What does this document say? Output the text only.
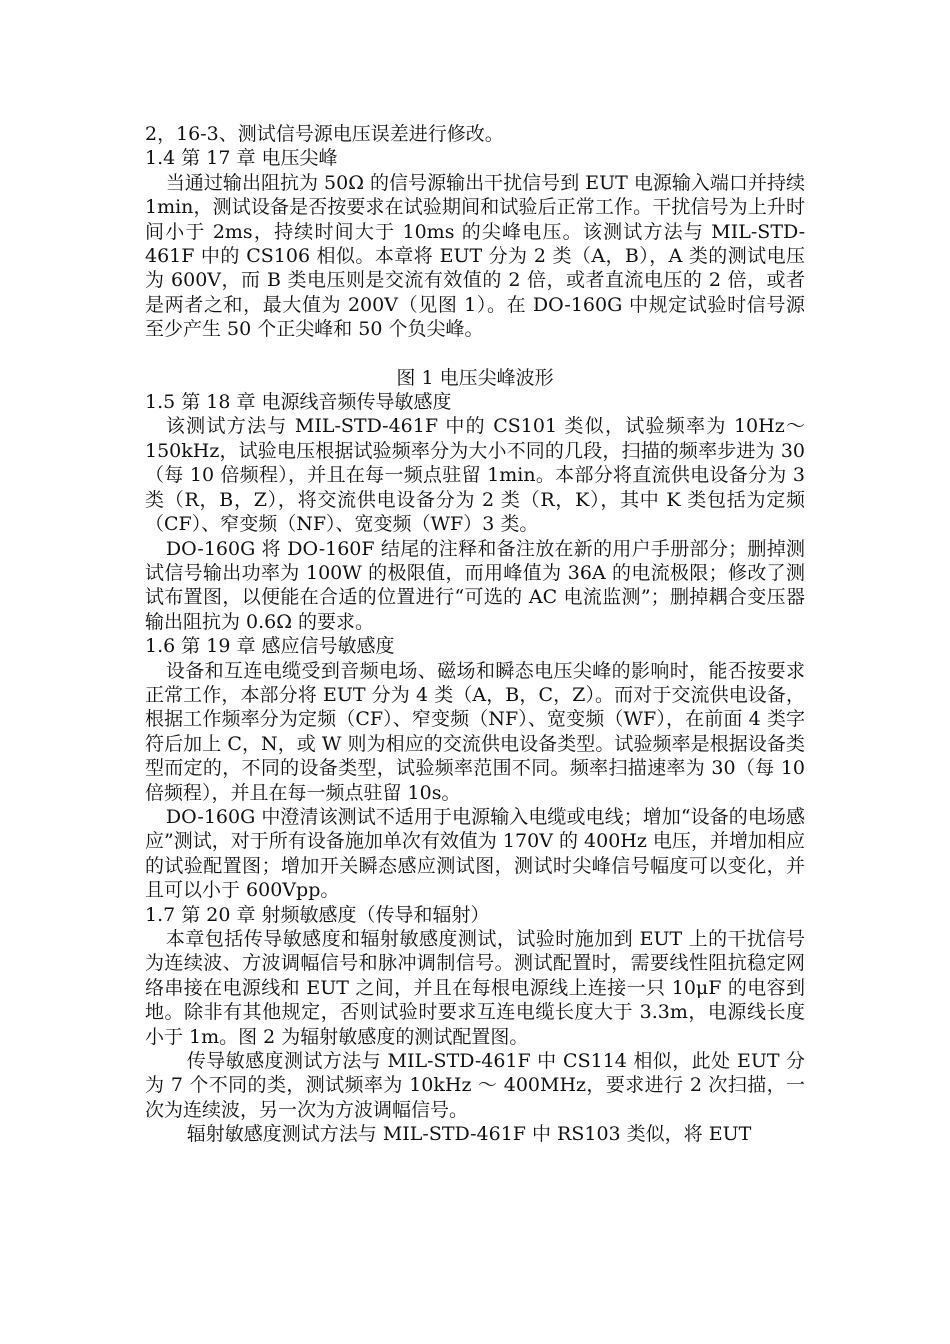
2，16-3、测试信号源电压误差进行修改。

1.4 第 17 章 电压尖峰

当通过输出阻抗为 50Ω 的信号源输出干扰信号到 EUT 电源输入端口并持续 1min，测试设备是否按要求在试验期间和试验后正常工作。干扰信号为上升时间小于 2ms，持续时间大于 10ms 的尖峰电压。该测试方法与 MIL-STD-461F 中的 CS106 相似。本章将 EUT 分为 2 类（A，B），A 类的测试电压为 600V，而 B 类电压则是交流有效值的 2 倍，或者直流电压的 2 倍，或者是两者之和，最大值为 200V（见图 1）。在 DO-160G 中规定试验时信号源至少产生 50 个正尖峰和 50 个负尖峰。

图 1 电压尖峰波形

1.5 第 18 章 电源线音频传导敏感度

该测试方法与 MIL-STD-461F 中的 CS101 类似，试验频率为 10Hz～150kHz，试验电压根据试验频率分为大小不同的几段，扫描的频率步进为 30（每 10 倍频程），并且在每一频点驻留 1min。本部分将直流供电设备分为 3 类（R，B，Z），将交流供电设备分为 2 类（R，K），其中 K 类包括为定频（CF）、窄变频（NF）、宽变频（WF）3 类。

DO-160G 将 DO-160F 结尾的注释和备注放在新的用户手册部分；删掉测试信号输出功率为 100W 的极限值，而用峰值为 36A 的电流极限；修改了测试布置图，以便能在合适的位置进行“可选的 AC 电流监测”；删掉耦合变压器输出阻抗为 0.6Ω 的要求。

1.6 第 19 章 感应信号敏感度

设备和互连电缆受到音频电场、磁场和瞬态电压尖峰的影响时，能否按要求正常工作，本部分将 EUT 分为 4 类（A，B，C，Z）。而对于交流供电设备，根据工作频率分为定频（CF）、窄变频（NF）、宽变频（WF），在前面 4 类字符后加上 C，N，或 W 则为相应的交流供电设备类型。试验频率是根据设备类型而定的，不同的设备类型，试验频率范围不同。频率扫描速率为 30（每 10 倍频程），并且在每一频点驻留 10s。

DO-160G 中澄清该测试不适用于电源输入电缆或电线；增加“设备的电场感应”测试，对于所有设备施加单次有效值为 170V 的 400Hz 电压，并增加相应的试验配置图；增加开关瞬态感应测试图，测试时尖峰信号幅度可以变化，并且可以小于 600Vpp。

1.7 第 20 章 射频敏感度（传导和辐射）

本章包括传导敏感度和辐射敏感度测试，试验时施加到 EUT 上的干扰信号为连续波、方波调幅信号和脉冲调制信号。测试配置时，需要线性阻抗稳定网络串接在电源线和 EUT 之间，并且在每根电源线上连接一只 10μF 的电容到地。除非有其他规定，否则试验时要求互连电缆长度大于 3.3m，电源线长度小于 1m。图 2 为辐射敏感度的测试配置图。

传导敏感度测试方法与 MIL-STD-461F 中 CS114 相似，此处 EUT 分为 7 个不同的类，测试频率为 10kHz ～ 400MHz，要求进行 2 次扫描，一次为连续波，另一次为方波调幅信号。

辐射敏感度测试方法与 MIL-STD-461F 中 RS103 类似，将 EUT
